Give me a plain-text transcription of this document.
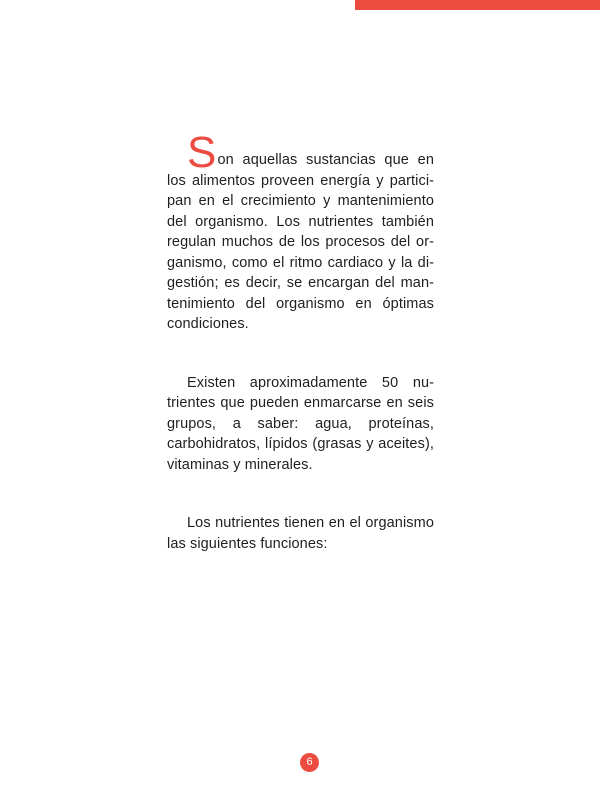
Son aquellas sustancias que en los alimentos proveen energía y participan en el crecimiento y mantenimiento del organismo. Los nutrientes también regulan muchos de los procesos del organismo, como el ritmo cardiaco y la digestión; es decir, se encargan del mantenimiento del organismo en óptimas condiciones.

Existen aproximadamente 50 nutrientes que pueden enmarcarse en seis grupos, a saber: agua, proteínas, carbohidratos, lípidos (grasas y aceites), vitaminas y minerales.

Los nutrientes tienen en el organismo las siguientes funciones:

6
